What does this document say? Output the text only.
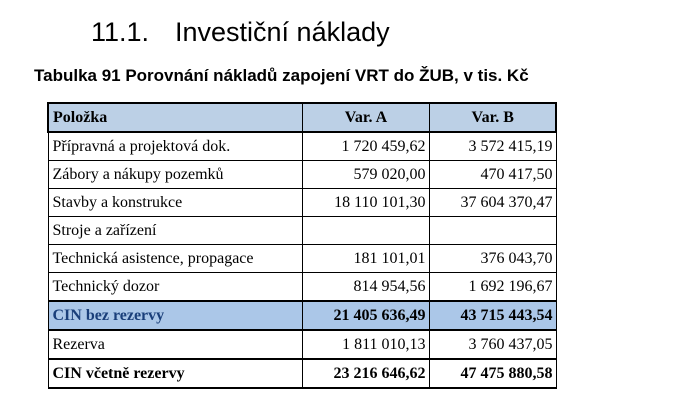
11.1. Investiční náklady

Tabulka 91 Porovnání nákladů zapojení VRT do ŽUB, v tis. Kč

Položka	Var. A	Var. B
Přípravná a projektová dok.	1 720 459,62	3 572 415,19
Zábory a nákupy pozemků	579 020,00	470 417,50
Stavby a konstrukce	18 110 101,30	37 604 370,47
Stroje a zařízení		
Technická asistence, propagace	181 101,01	376 043,70
Technický dozor	814 954,56	1 692 196,67
CIN bez rezervy	21 405 636,49	43 715 443,54
Rezerva	1 811 010,13	3 760 437,05
CIN včetně rezervy	23 216 646,62	47 475 880,58
